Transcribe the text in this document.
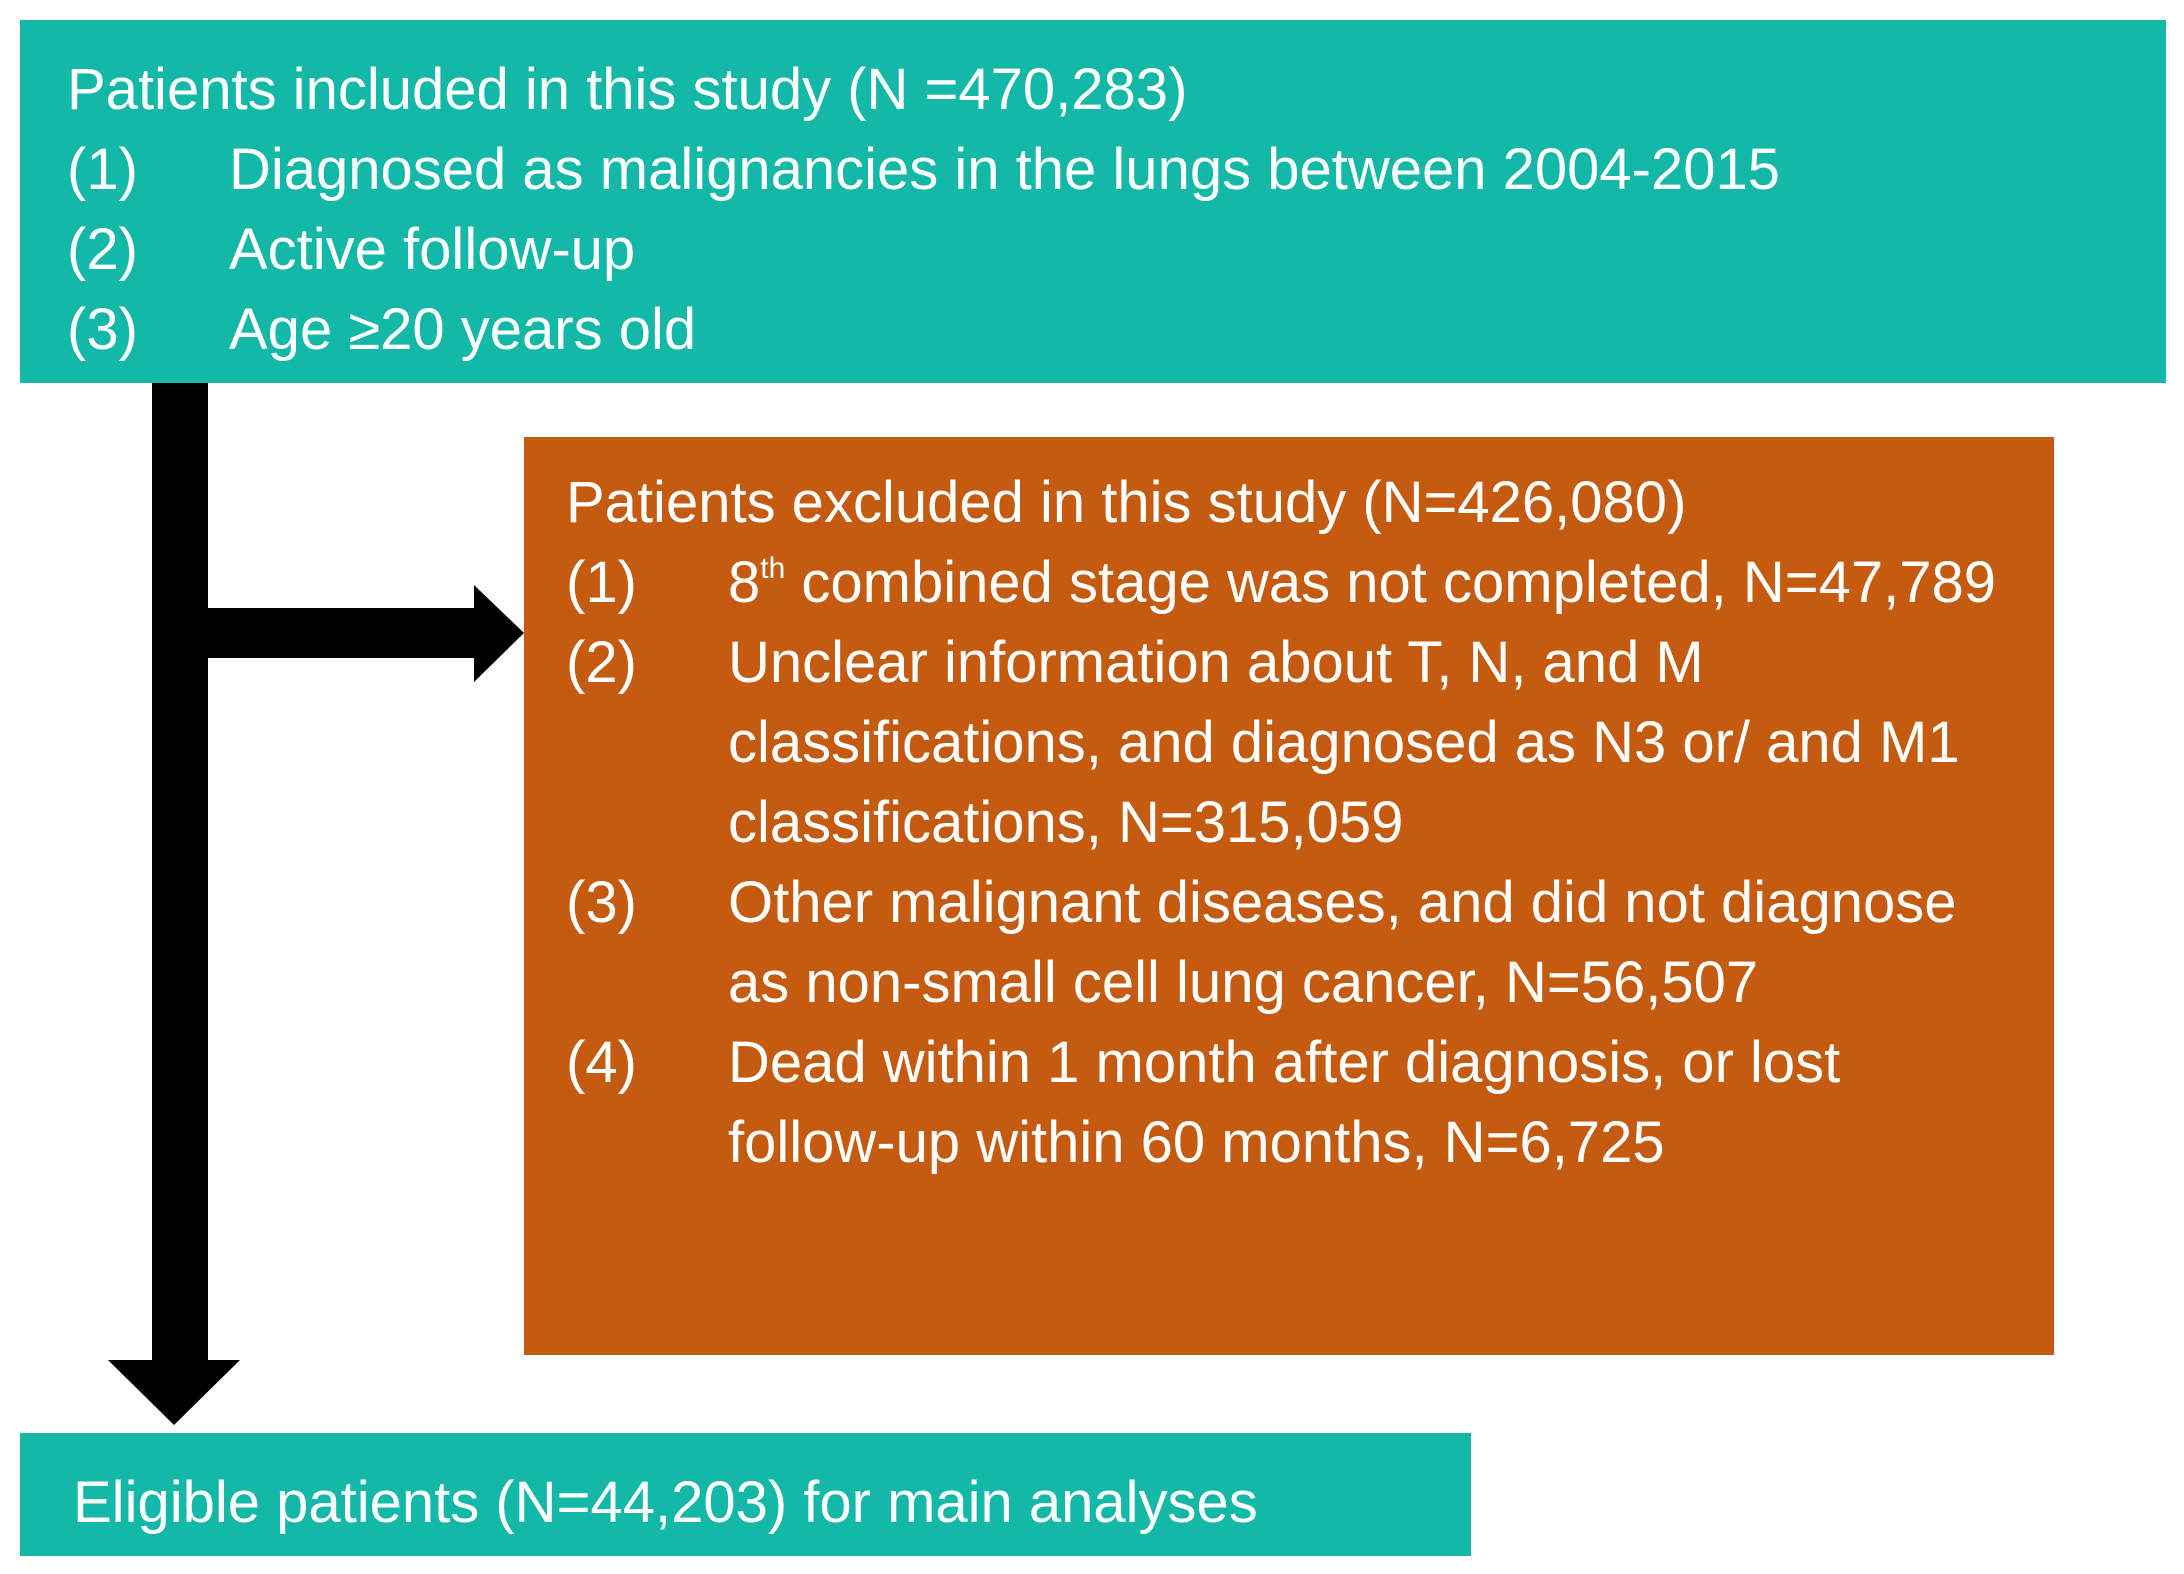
Patients included in this study (N =470,283)
(1)	Diagnosed as malignancies in the lungs between 2004-2015
(2)	Active follow-up
(3)	Age ≥20 years old
Patients excluded in this study (N=426,080)
(1)	8th combined stage was not completed, N=47,789
(2)	Unclear information about T, N, and M classifications, and diagnosed as N3 or/ and M1 classifications, N=315,059
(3)	Other malignant diseases, and did not diagnose as non-small cell lung cancer, N=56,507
(4)	Dead within 1 month after diagnosis, or lost follow-up within 60 months, N=6,725
Eligible patients (N=44,203) for main analyses
